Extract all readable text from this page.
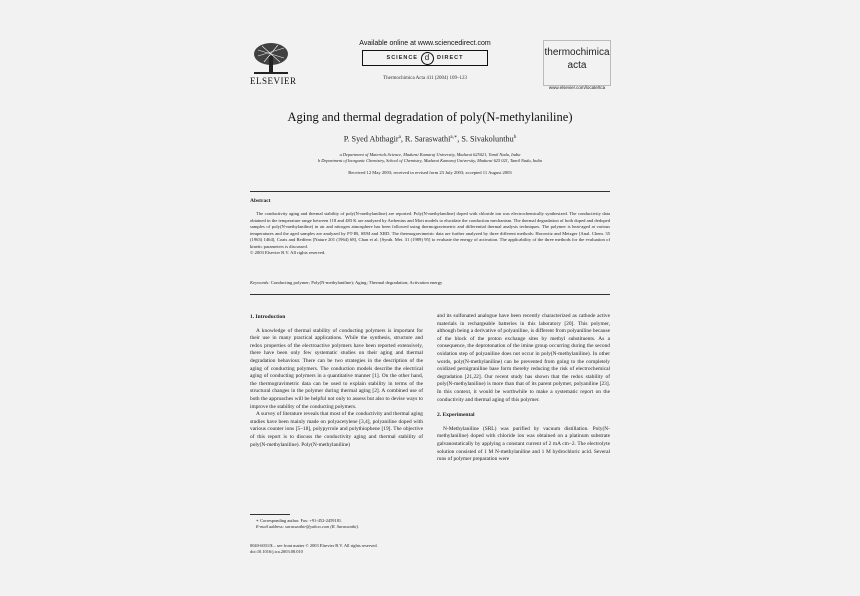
ELSEVIER
Available online at www.sciencedirect.com
SCIENCE d	DIRECT
Thermochimica Acta 411 (2004) 109–123
thermochimica
acta
www.elsevier.com/locate/tca
Aging and thermal degradation of poly(N-methylaniline)
P. Syed Abthagir$^a$, R. Saraswathi$^{a,∗}$, S. Sivakolunthu$^b$
a Department of Materials Science, Madurai Kamaraj University, Madurai 625021, Tamil Nadu, India
b Department of Inorganic Chemistry, School of Chemistry, Madurai Kamaraj University, Madurai 625 021, Tamil Nadu, India
Received 12 May 2003; received in revised form 23 July 2003; accepted 11 August 2003
Abstract
The conductivity aging and thermal stability of poly(N-methylaniline) are reported. Poly(N-methylaniline) doped with chloride ion was electrochemically synthesized. The conductivity data obtained in the temperature range between 118 and 483 K are analyzed by Arrhenius and Mott models to elucidate the conduction mechanism. The thermal degradation of both doped and dedoped samples of poly(N-methylaniline) in air and nitrogen atmosphere has been followed using thermogravimetric and differential thermal analysis techniques. The polymer is heat-aged at various temperatures and the aged samples are analyzed by FT-IR, SEM and XRD. The thermogravimetric data are further analyzed by three different methods: Horowitz and Metzger [Anal. Chem. 35 (1963) 1464], Coats and Redfern [Nature 201 (1964) 68], Chan et al. [Synth. Met. 31 (1989) 95] to evaluate the energy of activation. The applicability of the three methods for the evaluation of kinetic parameters is discussed.
© 2003 Elsevier B.V. All rights reserved.
Keywords: Conducting polymer; Poly(N-methylaniline); Aging; Thermal degradation; Activation energy
1. Introduction

A knowledge of thermal stability of conducting polymers is important for their use in many practical applications. While the synthesis, structure and redox properties of the electroactive polymers have been reported extensively, there have been only few systematic studies on their aging and thermal degradation behaviour. There can be two strategies in the description of the aging of conducting polymers. The conduction models describe the electrical aging of conducting polymers in a quantitative manner [1]. On the other hand, the thermogravimetric data can be used to explain stability in terms of the structural changes in the polymer during thermal aging [2]. A combined use of both the approaches will be helpful not only to assess but also to devise ways to improve the stability of the conducting polymers.

A survey of literature reveals that most of the conductivity and thermal aging studies have been mainly made on polyacetylene [3,4], polyaniline doped with various counter ions [5–18], polypyrrole and polythiophene [19]. The objective of this report is to discuss the conductivity aging and thermal stability of poly(N-methylaniline). Poly(N-methylaniline)

and its sulfonated analogue have been recently characterized as cathode active materials in rechargeable batteries in this laboratory [20]. This polymer, although being a derivative of polyaniline, is different from polyaniline because of the block of the proton exchange sites by methyl substituents. As a consequence, the deprotonation of the imine group occurring during the second oxidation step of polyaniline does not occur in poly(N-methylaniline). In other words, poly(N-methylaniline) can be prevented from going to the completely oxidized pernigraniline base form thereby reducing the risk of electrochemical degradation [21,22]. Our recent study has shown that the redox stability of poly(N-methylaniline) is more than that of its parent polymer, polyaniline [23]. In this context, it would be worthwhile to make a systematic report on the conductivity and thermal aging of this polymer.

2. Experimental

N-Methylaniline (SRL) was purified by vacuum distillation. Poly(N-methylaniline) doped with chloride ion was obtained on a platinum substrate galvanostatically by applying a constant current of 2 mA cm−2. The electrolyte solution consisted of 1 M N-methylaniline and 1 M hydrochloric acid. Several runs of polymer preparation were

∗ Corresponding author. Fax: +91-452-2459181.
E-mail address: saraswathir@yahoo.com (R. Saraswathi).
0040-6031/$ – see front matter © 2003 Elsevier B.V. All rights reserved.
doi:10.1016/j.tca.2003.08.010
